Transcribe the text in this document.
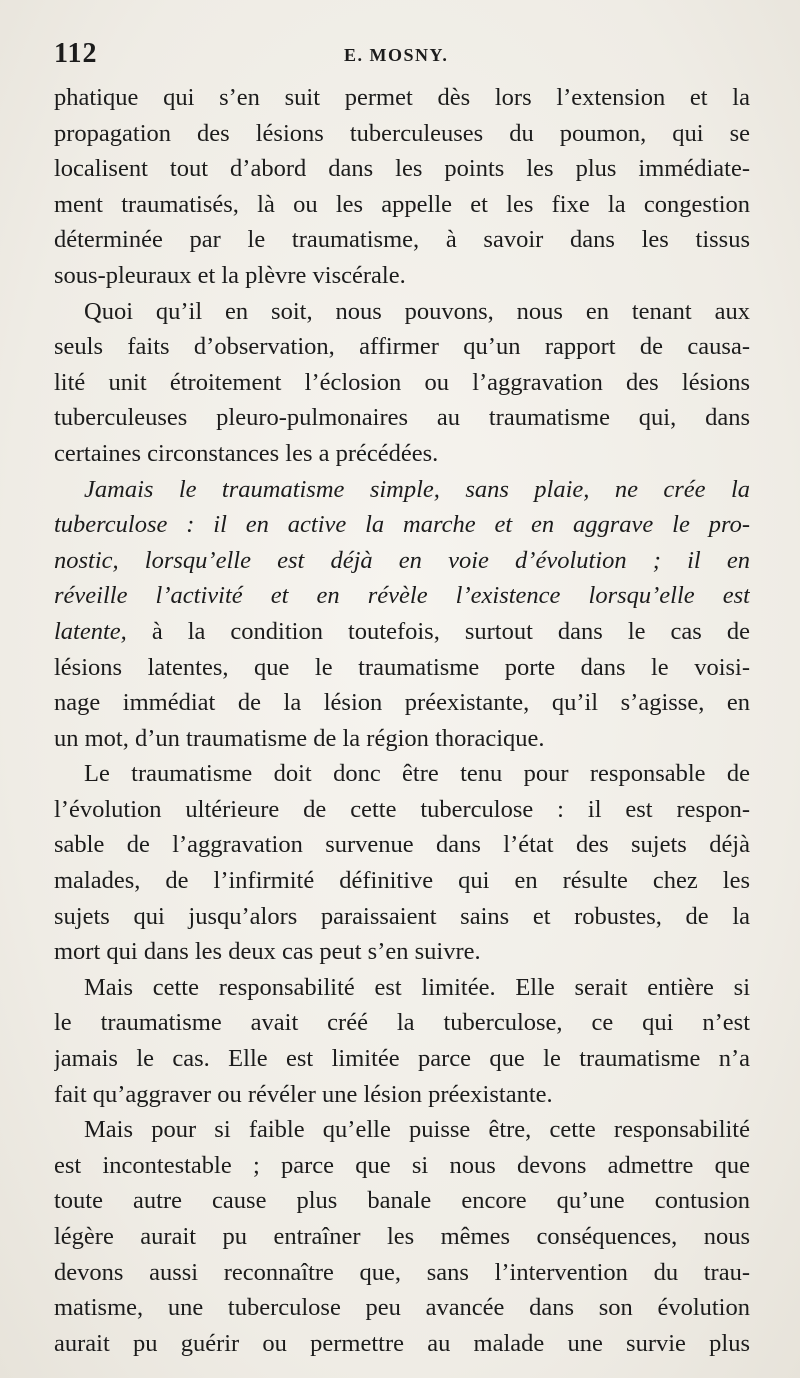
112	E. MOSNY.
phatique qui s’en suit permet dès lors l’extension et la
propagation des lésions tuberculeuses du poumon, qui se
localisent tout d’abord dans les points les plus immédiate-
ment traumatisés, là ou les appelle et les fixe la congestion
déterminée par le traumatisme, à savoir dans les tissus
sous-pleuraux et la plèvre viscérale.
Quoi qu’il en soit, nous pouvons, nous en tenant aux
seuls faits d’observation, affirmer qu’un rapport de causa-
lité unit étroitement l’éclosion ou l’aggravation des lésions
tuberculeuses pleuro-pulmonaires au traumatisme qui, dans
certaines circonstances les a précédées.
Jamais le traumatisme simple, sans plaie, ne crée la
tuberculose : il en active la marche et en aggrave le pro-
nostic, lorsqu’elle est déjà en voie d’évolution ; il en
réveille l’activité et en révèle l’existence lorsqu’elle est
latente, à la condition toutefois, surtout dans le cas de
lésions latentes, que le traumatisme porte dans le voisi-
nage immédiat de la lésion préexistante, qu’il s’agisse, en
un mot, d’un traumatisme de la région thoracique.
Le traumatisme doit donc être tenu pour responsable de
l’évolution ultérieure de cette tuberculose : il est respon-
sable de l’aggravation survenue dans l’état des sujets déjà
malades, de l’infirmité définitive qui en résulte chez les
sujets qui jusqu’alors paraissaient sains et robustes, de la
mort qui dans les deux cas peut s’en suivre.
Mais cette responsabilité est limitée. Elle serait entière si
le traumatisme avait créé la tuberculose, ce qui n’est
jamais le cas. Elle est limitée parce que le traumatisme n’a
fait qu’aggraver ou révéler une lésion préexistante.
Mais pour si faible qu’elle puisse être, cette responsabilité
est incontestable ; parce que si nous devons admettre que
toute autre cause plus banale encore qu’une contusion
légère aurait pu entraîner les mêmes conséquences, nous
devons aussi reconnaître que, sans l’intervention du trau-
matisme, une tuberculose peu avancée dans son évolution
aurait pu guérir ou permettre au malade une survie plus
